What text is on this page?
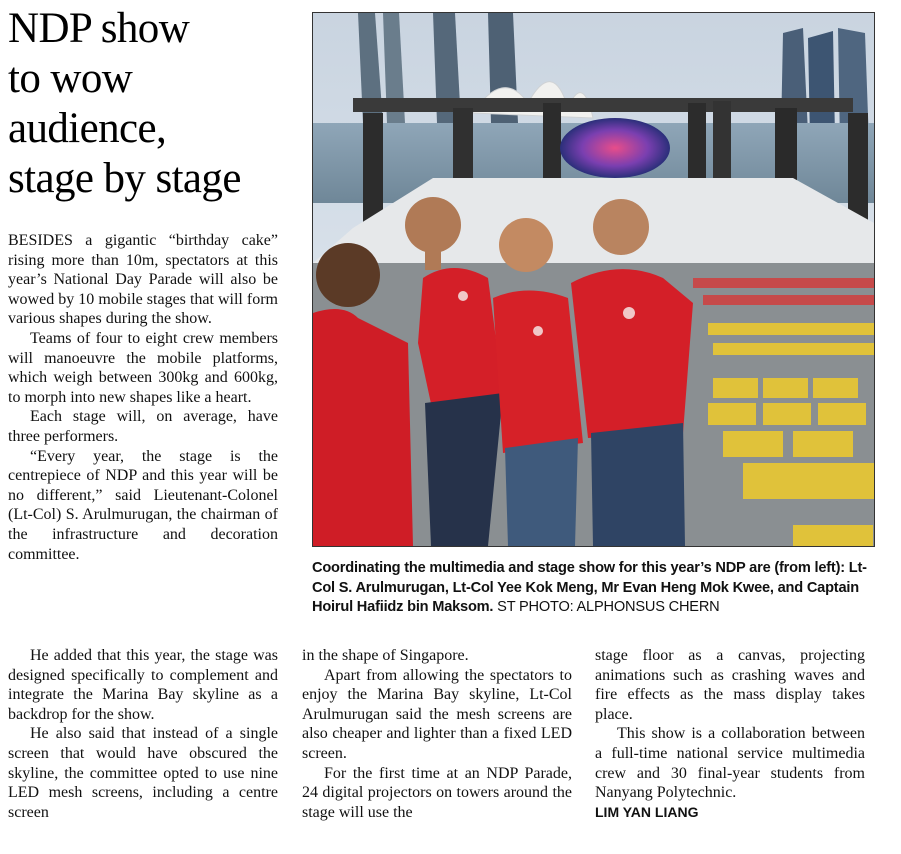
NDP show
to wow
audience,
stage by stage

BESIDES a gigantic “birthday cake” rising more than 10m, spectators at this year’s National Day Parade will also be wowed by 10 mobile stages that will form various shapes during the show.

Teams of four to eight crew members will manoeuvre the mobile platforms, which weigh between 300kg and 600kg, to morph into new shapes like a heart.

Each stage will, on average, have three performers.

“Every year, the stage is the centrepiece of NDP and this year will be no different,” said Lieutenant-Colonel (Lt-Col) S. Arulmurugan, the chairman of the infrastructure and decoration committee.

Coordinating the multimedia and stage show for this year’s NDP are (from left): Lt-Col S. Arulmurugan, Lt-Col Yee Kok Meng, Mr Evan Heng Mok Kwee, and Captain Hoirul Hafiidz bin Maksom. ST PHOTO: ALPHONSUS CHERN

He added that this year, the stage was designed specifically to complement and integrate the Marina Bay skyline as a backdrop for the show.

He also said that instead of a single screen that would have obscured the skyline, the committee opted to use nine LED mesh screens, including a centre screen

in the shape of Singapore.

Apart from allowing the spectators to enjoy the Marina Bay skyline, Lt-Col Arulmurugan said the mesh screens are also cheaper and lighter than a fixed LED screen.

For the first time at an NDP Parade, 24 digital projectors on towers around the stage will use the

stage floor as a canvas, projecting animations such as crashing waves and fire effects as the mass display takes place.

This show is a collaboration between a full-time national service multimedia crew and 30 final-year students from Nanyang Polytechnic.

LIM YAN LIANG
